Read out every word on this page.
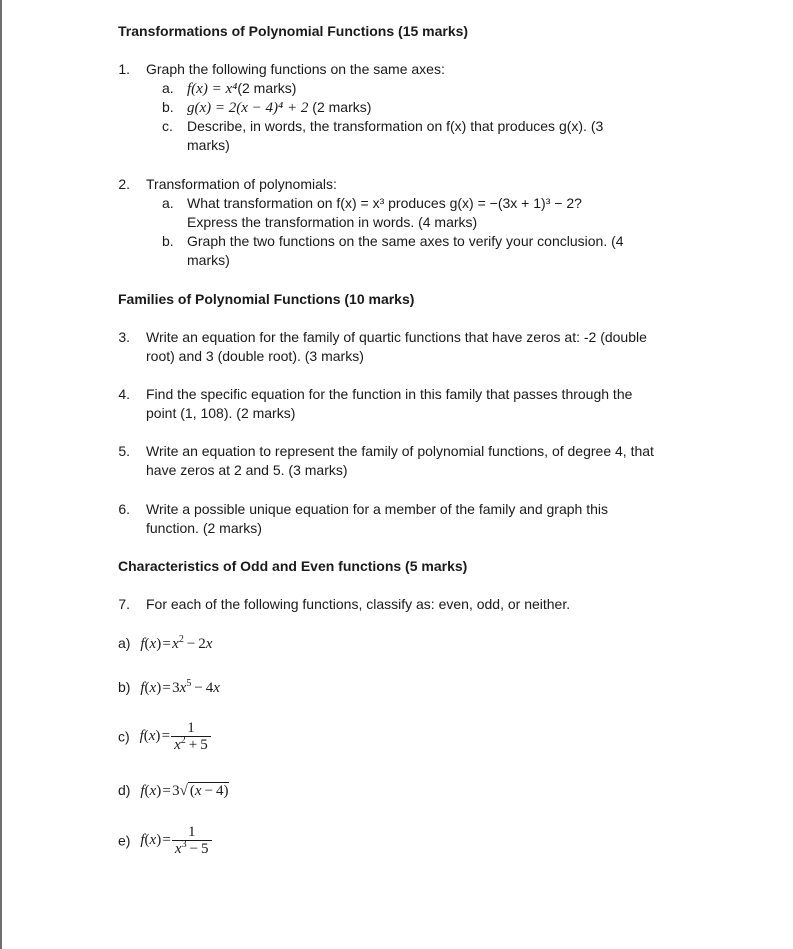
Transformations of Polynomial Functions (15 marks)
1. Graph the following functions on the same axes:
a. f(x) = x⁴(2 marks)
b. g(x) = 2(x − 4)⁴ + 2 (2 marks)
c. Describe, in words, the transformation on f(x) that produces g(x). (3
marks)
2. Transformation of polynomials:
a. What transformation on f(x) = x³ produces g(x) = −(3x + 1)³ − 2?
Express the transformation in words. (4 marks)
b. Graph the two functions on the same axes to verify your conclusion. (4
marks)
Families of Polynomial Functions (10 marks)
3. Write an equation for the family of quartic functions that have zeros at: -2 (double
root) and 3 (double root). (3 marks)
4. Find the specific equation for the function in this family that passes through the
point (1, 108). (2 marks)
5. Write an equation to represent the family of polynomial functions, of degree 4, that
have zeros at 2 and 5. (3 marks)
6. Write a possible unique equation for a member of the family and graph this
function. (2 marks)
Characteristics of Odd and Even functions (5 marks)
7. For each of the following functions, classify as: even, odd, or neither.
a) f(x) = $x^2 - 2x$
b) f(x) = $3x^5 - 4x$
c) f(x) = $\frac{1}{x^2 + 5}$
d) f(x) = 3√ (x − 4)
e) f(x) = $\frac{1}{x^3 - 5}$
